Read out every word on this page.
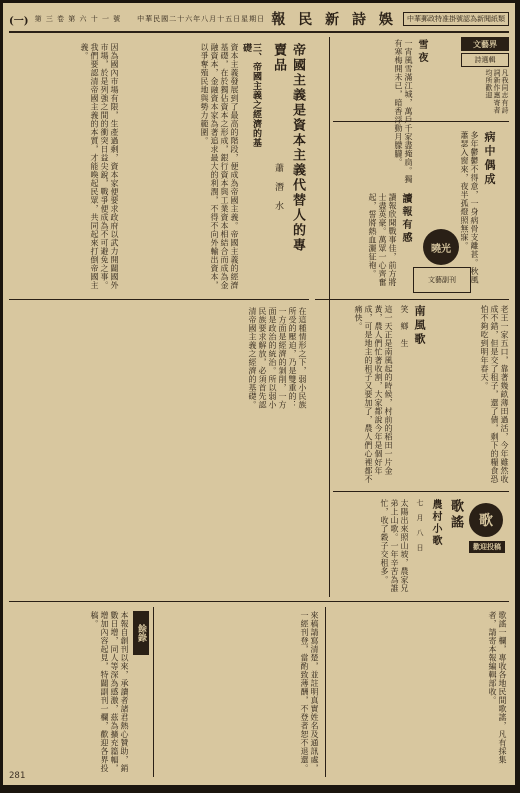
(一) 第 三 卷 第 六 十 一 號　　中華民國二十六年八月十五日星期日 報 民 新 詩 娛	中華郵政特准掛號認為新聞紙類
文藝界
詩選輯
凡我同志有詩詞新作惠寄者均所歡迎
病中偶成
多年鬱鬱不得意，一身病骨支離甚。秋風蕭瑟入窗來，夜半孤燈照無寐。
雪夜
一宵風雪滿江城，萬戶千家盡掩扃。獨有寒梅開未已，暗香浮動月朦朧。
讀報有感
讀報欣聞戰事佳，前方將士盡英豪。萬眾一心齊奮起，誓將熱血灑征袍。	曉光
文藝副刊
帝國主義是資本主義代替人的專賣品
蕭　潛　水
三、帝國主義之經濟的基礎
資本主義發展到了最高的階段，便成為帝國主義。帝國主義的經濟基礎，在於獨佔資本之形成，銀行資本與工業資本相結合而成為金融資本，金融資本家為著追求最大的利潤，不得不向外輸出資本，以爭奪殖民地與勢力範圍。
因為國內市場有限，生產過剩，資本家便要求政府以武力開闢國外市場，於是列強之間的衝突日益尖銳，戰爭便成為不可避免之事。我們要認清帝國主義的本質，才能喚起民眾，共同起來打倒帝國主義。
在這種情形之下，弱小民族所受的壓迫，乃是雙重的：一方面是經濟的剝削，一方面是政治的統治。所以弱小民族要求解放，必須首先認清帝國主義之經濟的基礎。	南風歌
笑　鄉　生
這一天正是南風起的時候，村前的稻田一片金黃，農人們忙著收割，大家都說今年是個好年成，可是地主的租子又要加了，農人們心裡都不痛快。	老王一家五口，靠著幾畝薄田過活，今年雖然收成不錯，但是交了租子，還了債，剩下的糧食恐怕不夠吃到明年春天。
歌
歌謠
歡迎投稿
農村小歌
七　月　八　日
太陽出來照山坡，農家兄弟上山歌。一年辛苦為誰忙，收了穀子交租多。
餘錄
本報自創刊以來，承讀者諸君熱心贊助，銷數日增，同人等深為感激，茲為擴充篇幅，增加內容起見，特闢副刊一欄，歡迎各界投稿。	來稿請寫清楚，並註明真實姓名及通訊處，一經刊登，當酌致薄酬，不登者恕不退還。	歌謠一欄，專收各地民間歌謠，凡有採集者，請寄本報編輯部收。
281
